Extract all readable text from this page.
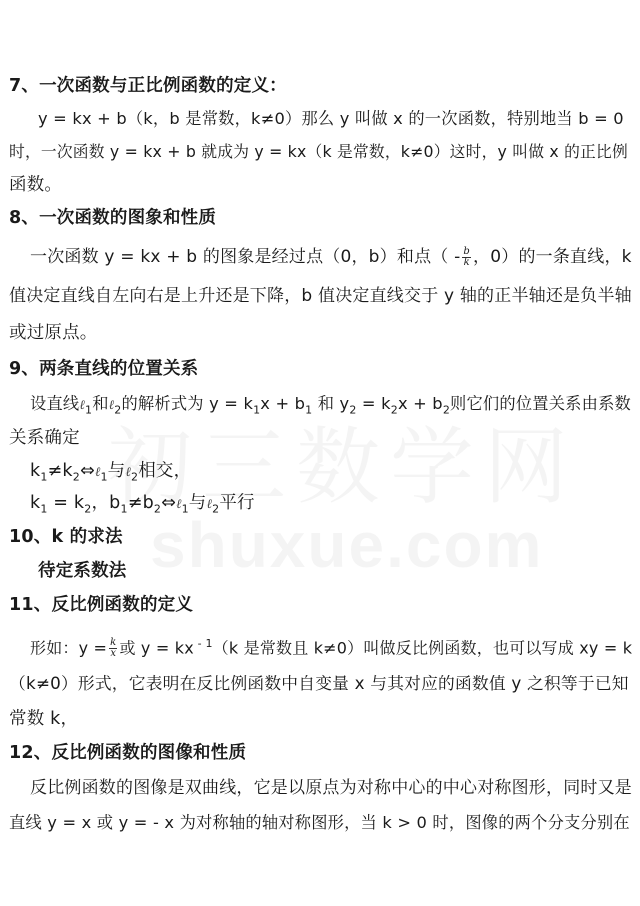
7、一次函数与正比例函数的定义：
y = kx + b（k，b 是常数，k≠0）那么 y 叫做 x 的一次函数，特别地当 b = 0
时，一次函数 y = kx + b 就成为 y = kx（k 是常数，k≠0）这时，y 叫做 x 的正比例
函数。
8、一次函数的图象和性质
一次函数 y = kx + b 的图象是经过点（0，b）和点（ - $\frac{b}{k}$ ，0）的一条直线，k
值决定直线自左向右是上升还是下降，b 值决定直线交于 y 轴的正半轴还是负半轴
或过原点。
9、两条直线的位置关系
设直线ℓ$_1$和ℓ$_2$的解析式为 $y = k_1x + b_1$ 和 $y_2 = k_2x + b_2$则它们的位置关系由系数
关系确定
$k_1\ne k_2\Leftrightarrow\ell_1$与ℓ$_2$相交，
$k_1 = k_2$，$b_1\ne b_2\Leftrightarrow\ell_1$与ℓ$_2$平行
10、k 的求法
待定系数法
11、反比例函数的定义
形如：$y = \frac{k}{x}$ 或 y = kx $^{- 1}$（k 是常数且 k≠0）叫做反比例函数，也可以写成 xy = k
（k≠0）形式，它表明在反比例函数中自变量 x 与其对应的函数值 y 之积等于已知
常数 k，
12、反比例函数的图像和性质
反比例函数的图像是双曲线，它是以原点为对称中心的中心对称图形，同时又是
直线 y = x 或 y = - x 为对称轴的轴对称图形，当 k > 0 时，图像的两个分支分别在
